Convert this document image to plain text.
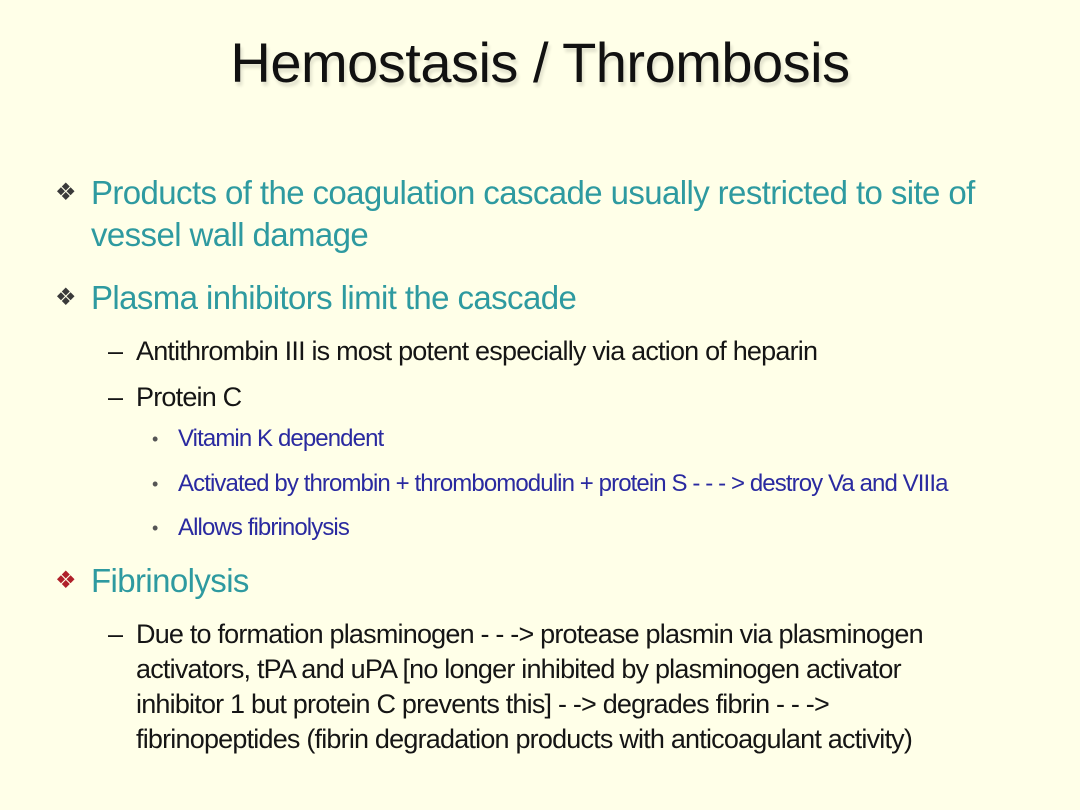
Hemostasis / Thrombosis
❖ Products of the coagulation cascade usually restricted to site of
vessel wall damage
❖ Plasma inhibitors limit the cascade
– Antithrombin III is most potent especially via action of heparin
– Protein C
• Vitamin K dependent
• Activated by thrombin + thrombomodulin + protein S - - - > destroy Va and VIIIa
• Allows fibrinolysis
❖ Fibrinolysis
– Due to formation plasminogen - - -> protease plasmin via plasminogen
activators, tPA and uPA [no longer inhibited by plasminogen activator
inhibitor 1 but protein C prevents this] - -> degrades fibrin - - ->
fibrinopeptides (fibrin degradation products with anticoagulant activity)
